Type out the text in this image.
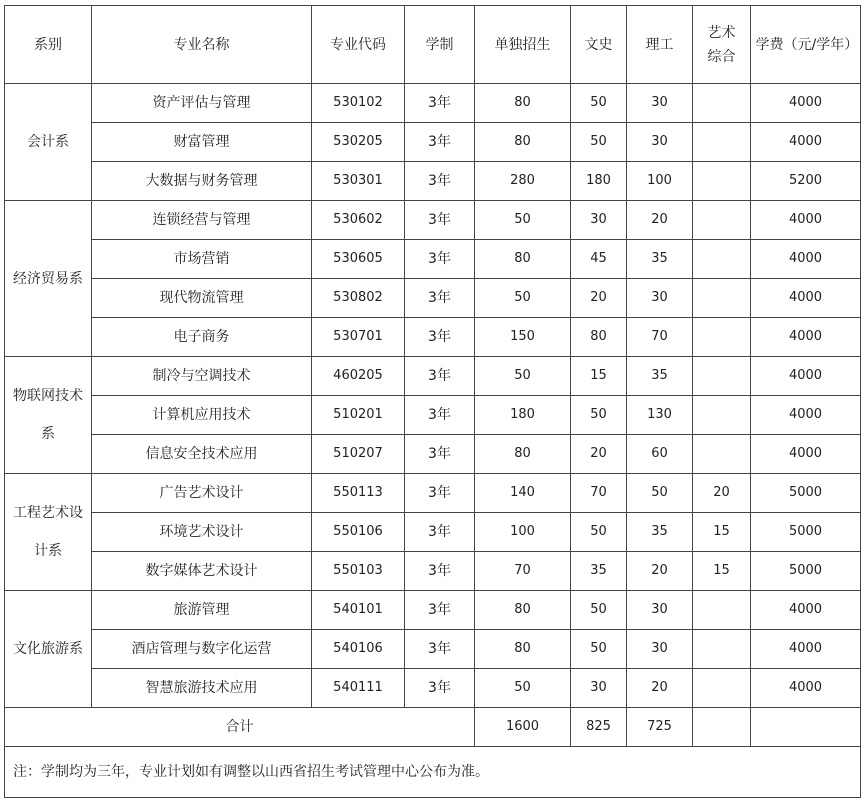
系别	专业名称	专业代码	学制	单独招生	文史	理工	艺术综合	学费（元/学年）
会计系	资产评估与管理	530102	3年	80	50	30		4000
	财富管理	530205	3年	80	50	30		4000
	大数据与财务管理	530301	3年	280	180	100		5200
经济贸易系	连锁经营与管理	530602	3年	50	30	20		4000
	市场营销	530605	3年	80	45	35		4000
	现代物流管理	530802	3年	50	20	30		4000
	电子商务	530701	3年	150	80	70		4000
物联网技术系	制冷与空调技术	460205	3年	50	15	35		4000
	计算机应用技术	510201	3年	180	50	130		4000
	信息安全技术应用	510207	3年	80	20	60		4000
工程艺术设计系	广告艺术设计	550113	3年	140	70	50	20	5000
	环境艺术设计	550106	3年	100	50	35	15	5000
	数字媒体艺术设计	550103	3年	70	35	20	15	5000
文化旅游系	旅游管理	540101	3年	80	50	30		4000
	酒店管理与数字化运营	540106	3年	80	50	30		4000
	智慧旅游技术应用	540111	3年	50	30	20		4000
合计				1600	825	725		
注：学制均为三年，专业计划如有调整以山西省招生考试管理中心公布为准。								
